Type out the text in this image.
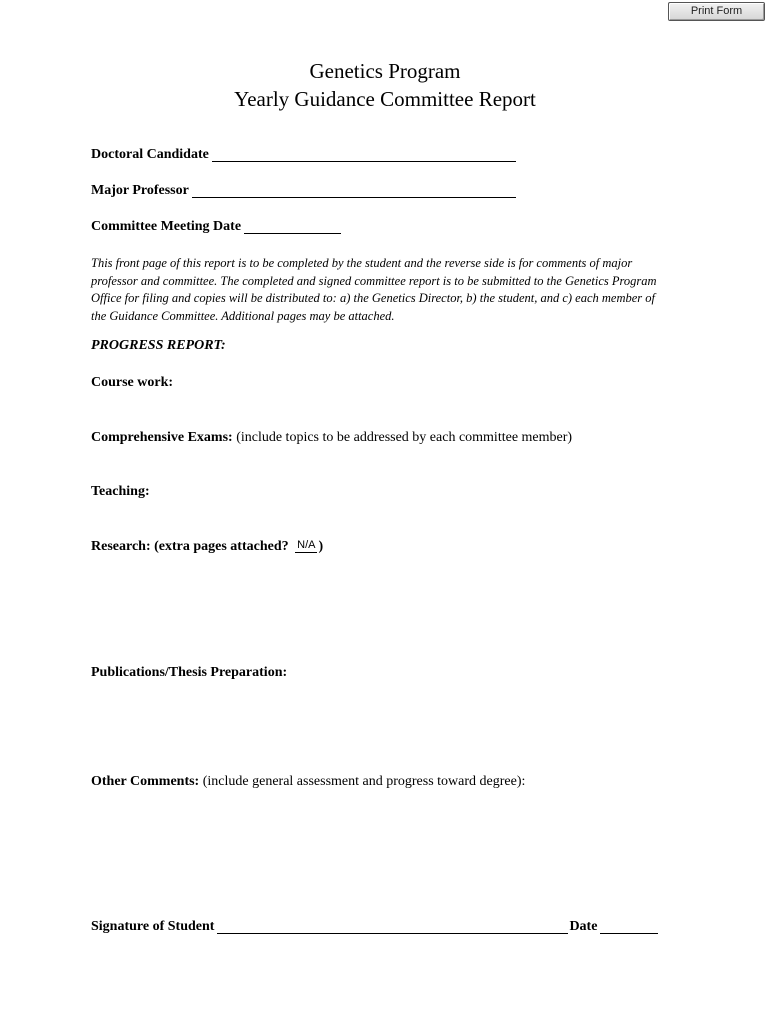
Print Form
Genetics Program
Yearly Guidance Committee Report
Doctoral Candidate
Major Professor
Committee Meeting Date
This front page of this report is to be completed by the student and the reverse side is for comments of major professor and committee. The completed and signed committee report is to be submitted to the Genetics Program Office for filing and copies will be distributed to: a) the Genetics Director, b) the student, and c) each member of the Guidance Committee. Additional pages may be attached.
PROGRESS REPORT:
Course work:
Comprehensive Exams: (include topics to be addressed by each committee member)
Teaching:
Research: (extra pages attached? N/A )
Publications/Thesis Preparation:
Other Comments: (include general assessment and progress toward degree):
Signature of Student	Date
